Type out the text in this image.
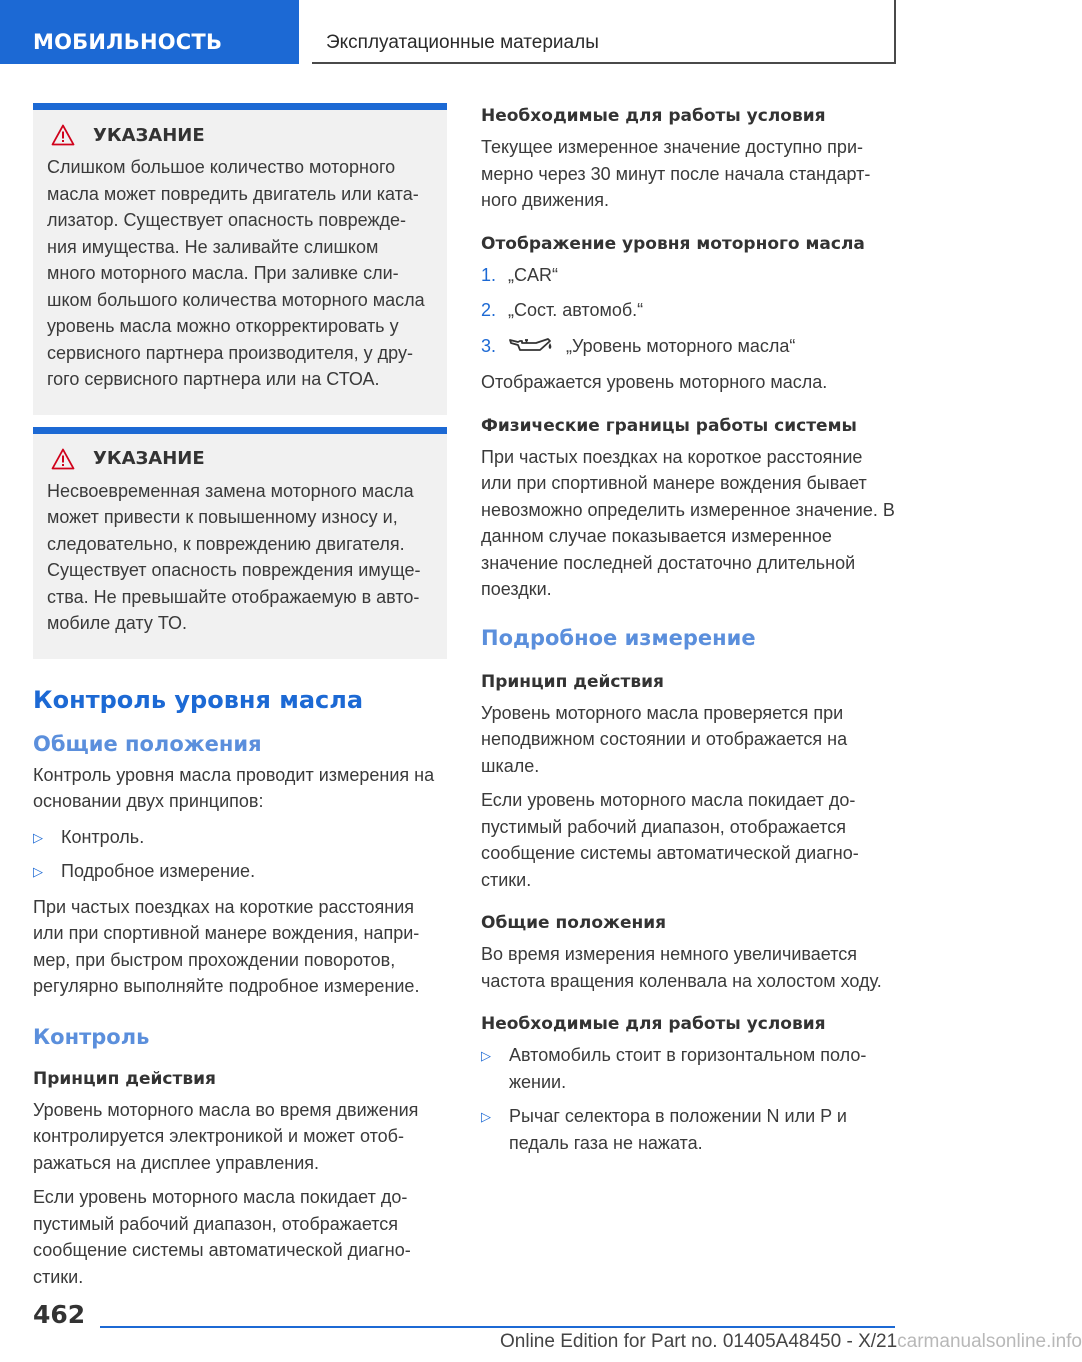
МОБИЛЬНОСТЬ	Эксплуатационные материалы
УКАЗАНИЕ
Слишком большое количество моторного масла может повредить двигатель или катализатор. Существует опасность повреждения имущества. Не заливайте слишком много моторного масла. При заливке слишком большого количества моторного масла уровень масла можно откорректировать у сервисного партнера производителя, у другого сервисного партнера или на СТОА.
УКАЗАНИЕ
Несвоевременная замена моторного масла может привести к повышенному износу и, следовательно, к повреждению двигателя. Существует опасность повреждения имущества. Не превышайте отображаемую в автомобиле дату ТО.
Контроль уровня масла
Общие положения

Контроль уровня масла проводит измерения на основании двух принципов:

▷	Контроль.
▷	Подробное измерение.

При частых поездках на короткие расстояния или при спортивной манере вождения, например, при быстром прохождении поворотов, регулярно выполняйте подробное измерение.

Контроль
Принцип действия

Уровень моторного масла во время движения контролируется электроникой и может отображаться на дисплее управления.

Если уровень моторного масла покидает допустимый рабочий диапазон, отображается сообщение системы автоматической диагностики.

Необходимые для работы условия

Текущее измеренное значение доступно примерно через 30 минут после начала стандартного движения.

Отображение уровня моторного масла
1. „CAR“
2. „Сост. автомоб.“
3.	„Уровень моторного масла“

Отображается уровень моторного масла.

Физические границы работы системы

При частых поездках на короткое расстояние или при спортивной манере вождения бывает невозможно определить измеренное значение. В данном случае показывается измеренное значение последней достаточно длительной поездки.

Подробное измерение
Принцип действия

Уровень моторного масла проверяется при неподвижном состоянии и отображается на шкале.

Если уровень моторного масла покидает допустимый рабочий диапазон, отображается сообщение системы автоматической диагностики.

Общие положения

Во время измерения немного увеличивается частота вращения коленвала на холостом ходу.

Необходимые для работы условия
▷	Автомобиль стоит в горизонтальном положении.
▷	Рычаг селектора в положении N или P и педаль газа не нажата.
462
Online Edition for Part no. 01405A48450 - X/21carmanualsonline.info
